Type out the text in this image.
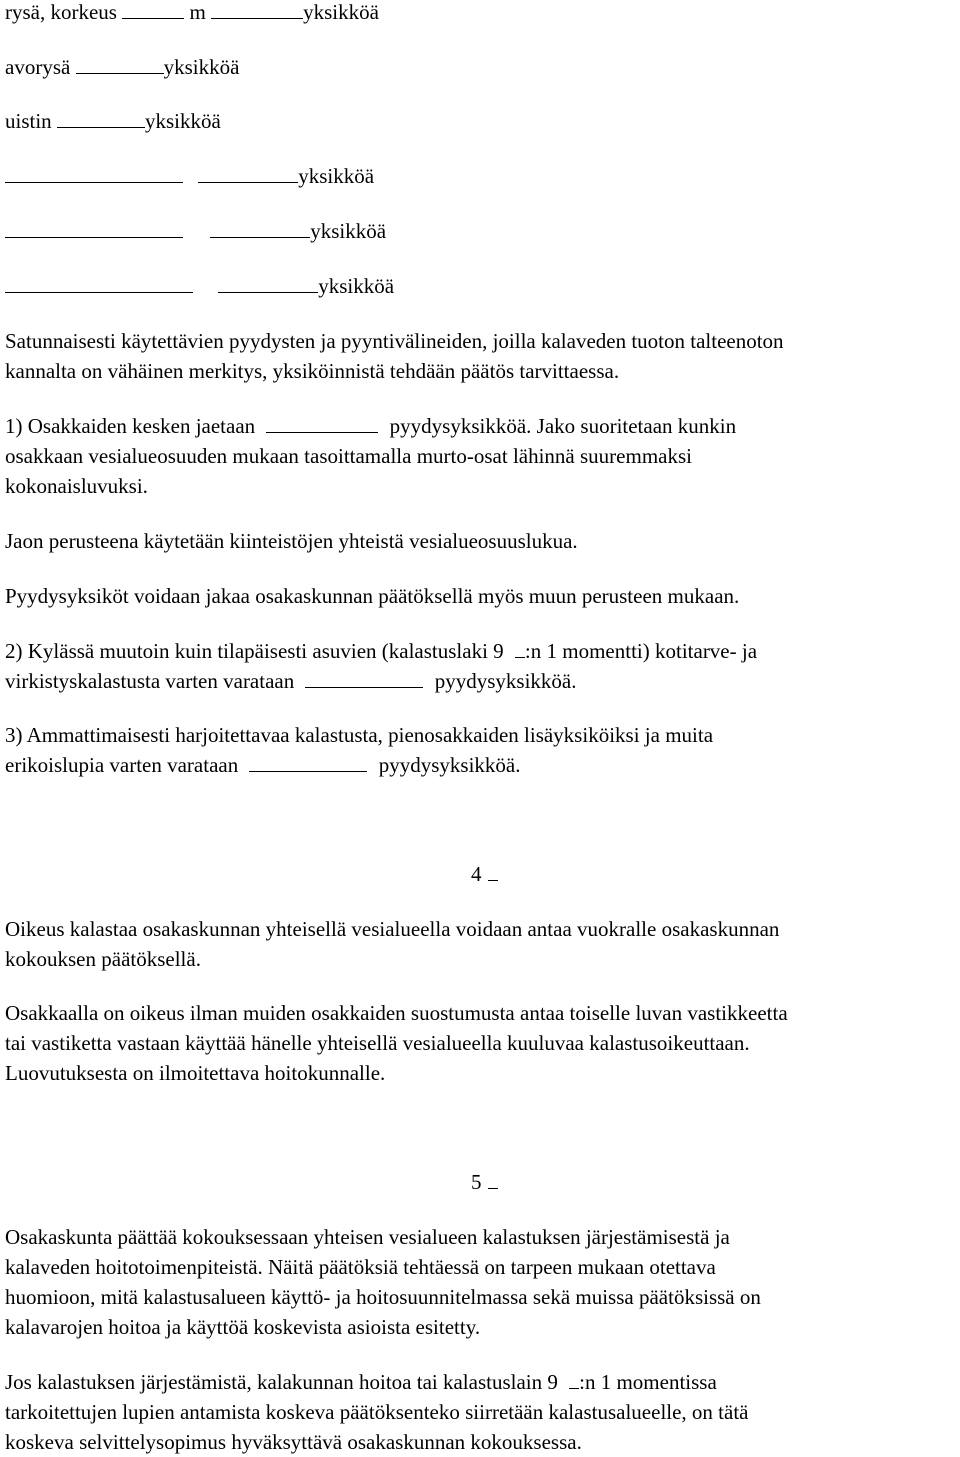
rysä, korkeus	m	yksikköä
avorysä	yksikköä
uistin	yksikköä
yksikköä
yksikköä
yksikköä
Satunnaisesti käytettävien pyydysten ja pyyntivälineiden, joilla kalaveden tuoton talteenoton
kannalta on vähäinen merkitys, yksiköinnistä tehdään päätös tarvittaessa.
1) Osakkaiden kesken jaetaan	pyydysyksikköä. Jako suoritetaan kunkin
osakkaan vesialueosuuden mukaan tasoittamalla murto-osat lähinnä suuremmaksi
kokonaisluvuksi.
Jaon perusteena käytetään kiinteistöjen yhteistä vesialueosuuslukua.
Pyydysyksiköt voidaan jakaa osakaskunnan päätöksellä myös muun perusteen mukaan.
2) Kylässä muutoin kuin tilapäisesti asuvien (kalastuslaki 9 :n 1 momentti) kotitarve- ja
virkistyskalastusta varten varataan	pyydysyksikköä.
3) Ammattimaisesti harjoitettavaa kalastusta, pienosakkaiden lisäyksiköiksi ja muita
erikoislupia varten varataan	pyydysyksikköä.
4
Oikeus kalastaa osakaskunnan yhteisellä vesialueella voidaan antaa vuokralle osakaskunnan
kokouksen päätöksellä.
Osakkaalla on oikeus ilman muiden osakkaiden suostumusta antaa toiselle luvan vastikkeetta
tai vastiketta vastaan käyttää hänelle yhteisellä vesialueella kuuluvaa kalastusoikeuttaan.
Luovutuksesta on ilmoitettava hoitokunnalle.
5
Osakaskunta päättää kokouksessaan yhteisen vesialueen kalastuksen järjestämisestä ja
kalaveden hoitotoimenpiteistä. Näitä päätöksiä tehtäessä on tarpeen mukaan otettava
huomioon, mitä kalastusalueen käyttö- ja hoitosuunnitelmassa sekä muissa päätöksissä on
kalavarojen hoitoa ja käyttöä koskevista asioista esitetty.
Jos kalastuksen järjestämistä, kalakunnan hoitoa tai kalastuslain 9 :n 1 momentissa
tarkoitettujen lupien antamista koskeva päätöksenteko siirretään kalastusalueelle, on tätä
koskeva selvittelysopimus hyväksyttävä osakaskunnan kokouksessa.
